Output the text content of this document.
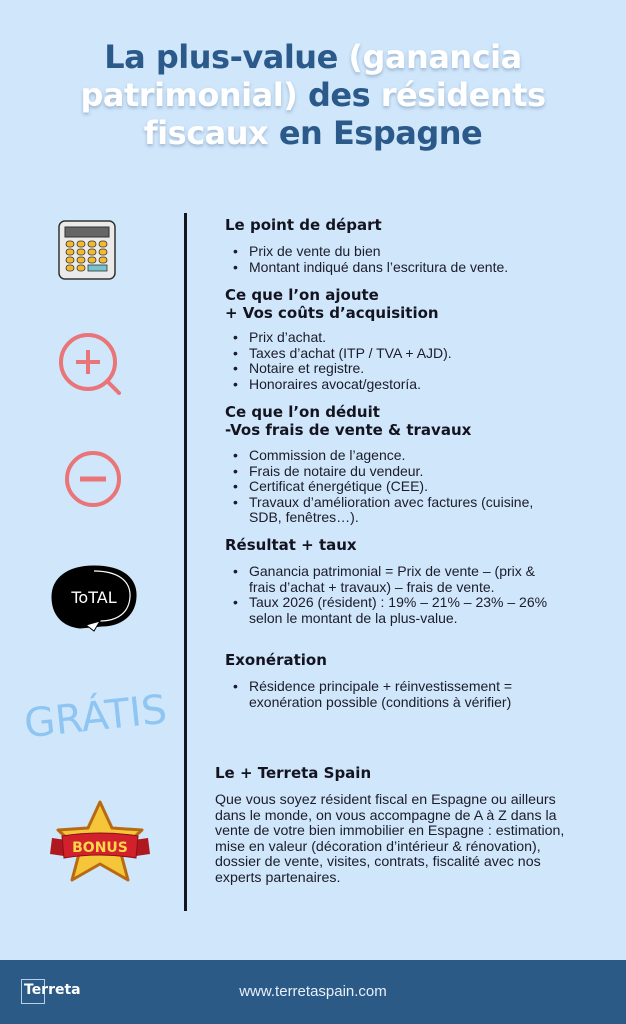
La plus-value (ganancia
patrimonial) des résidents
fiscaux en Espagne
ToTAL
GRÁTIS
BONUS
Le point de départ
• Prix de vente du bien
• Montant indiqué dans l’escritura de vente.
Ce que l’on ajoute
+ Vos coûts d’acquisition
• Prix d’achat.
• Taxes d’achat (ITP / TVA + AJD).
• Notaire et registre.
• Honoraires avocat/gestoría.
Ce que l’on déduit
-Vos frais de vente & travaux
• Commission de l’agence.
• Frais de notaire du vendeur.
• Certificat énergétique (CEE).
• Travaux d’amélioration avec factures (cuisine, SDB, fenêtres…).
Résultat + taux
• Ganancia patrimonial = Prix de vente – (prix & frais d’achat + travaux) – frais de vente.
• Taux 2026 (résident) : 19% – 21% – 23% – 26% selon le montant de la plus-value.
Exonération
• Résidence principale + réinvestissement = exonération possible (conditions à vérifier)
Le + Terreta Spain
Que vous soyez résident fiscal en Espagne ou ailleurs dans le monde, on vous accompagne de A à Z dans la vente de votre bien immobilier en Espagne : estimation, mise en valeur (décoration d’intérieur & rénovation), dossier de vente, visites, contrats, fiscalité avec nos experts partenaires.
Terreta	www.terretaspain.com
